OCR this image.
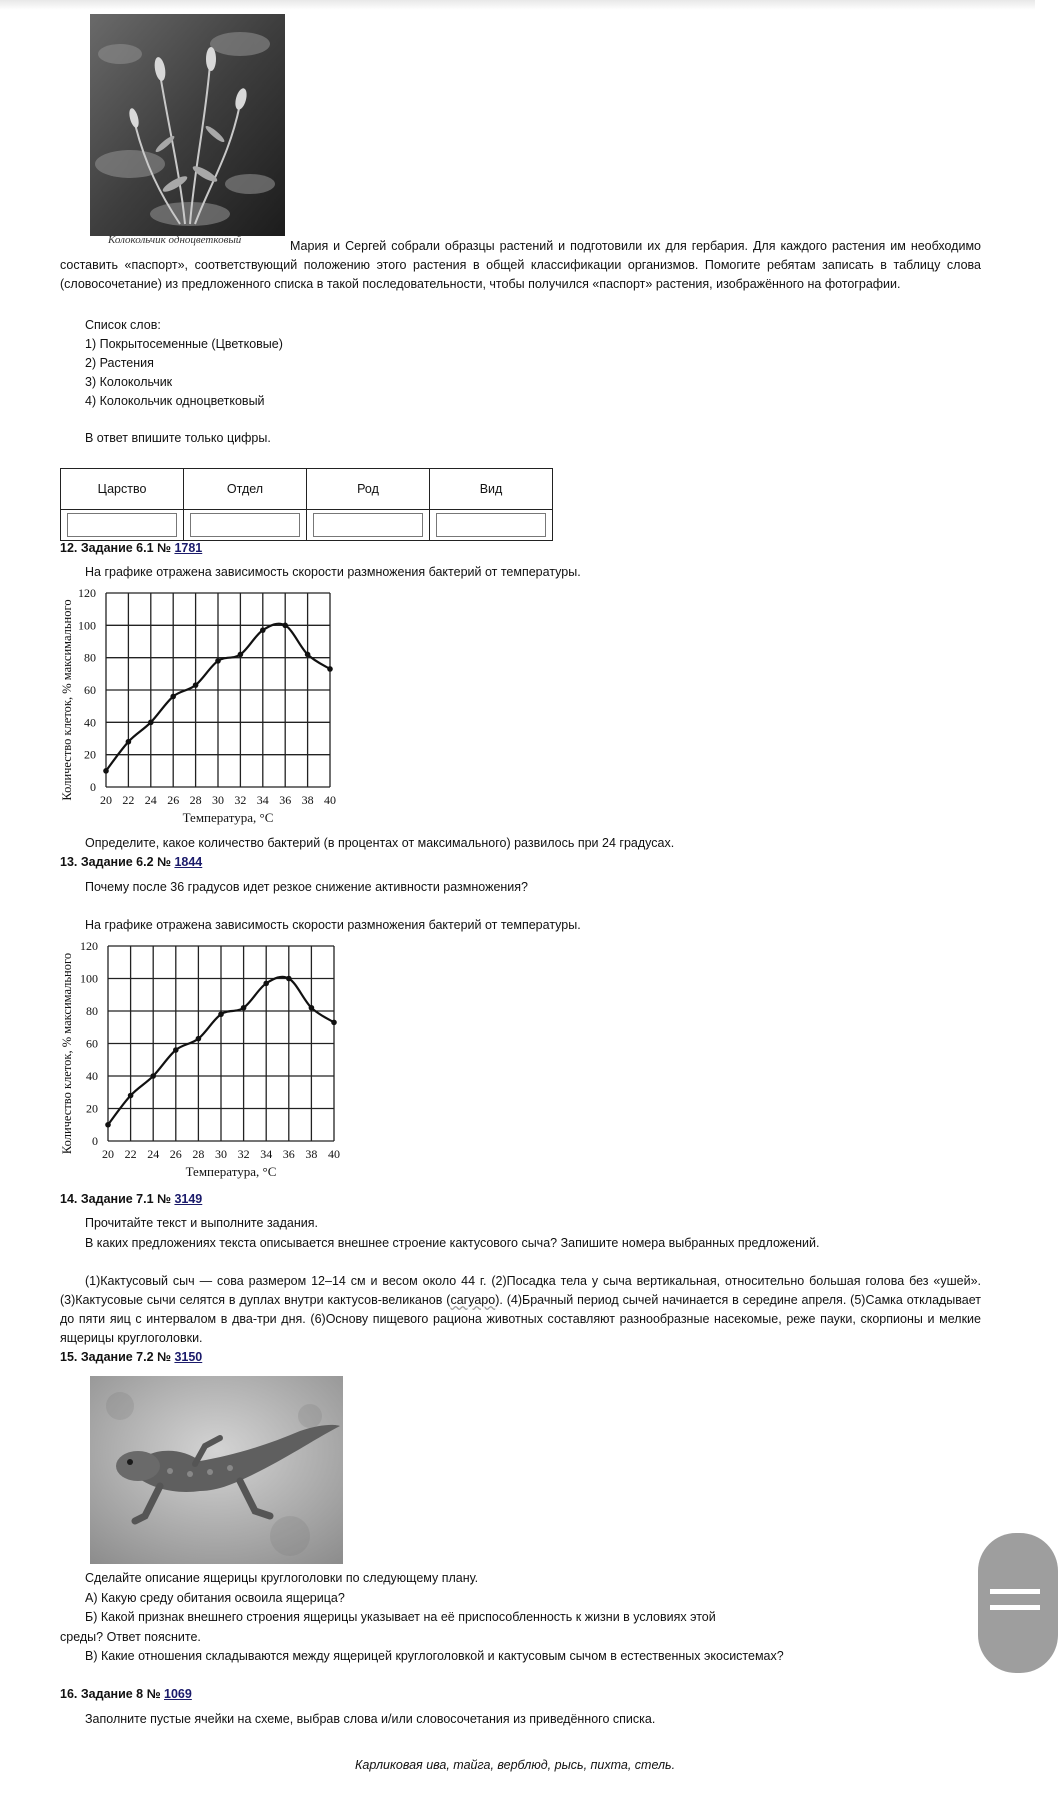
Колокольчик одноцветковый	Мария и Сергей собрали образцы растений и подготовили их для гербария. Для каждого растения им необходимо составить «паспорт», соответствующий положению этого растения в общей классификации организмов. Помогите ребятам записать в таблицу слова (словосочетание) из предложенного списка в такой последовательности, чтобы получился «паспорт» растения, изображённого на фотографии.
Список слов:
1) Покрытосеменные (Цветковые)
2) Растения
3) Колокольчик
4) Колокольчик одноцветковый
В ответ впишите только цифры.
Царство	Отдел	Род	Вид

12. Задание 6.1 № 1781
На графике отражена зависимость скорости размножения бактерий от температуры.
20 22 24 26 28 30 32 34 36 38 40
0
20
40
60
80
100
120
Температура, °C
Количество клеток, % максимального
Определите, какое количество бактерий (в процентах от максимального) развилось при 24 градусах.
13. Задание 6.2 № 1844
Почему после 36 градусов идет резкое снижение активности размножения?
На графике отражена зависимость скорости размножения бактерий от температуры.
20 22 24 26 28 30 32 34 36 38 40
0
20
40
60
80
100
120
Температура, °C
Количество клеток, % максимального
14. Задание 7.1 № 3149
Прочитайте текст и выполните задания.
В каких предложениях текста описывается внешнее строение кактусового сыча? Запишите номера выбранных предложений.
(1)Кактусовый сыч — сова размером 12–14 см и весом около 44 г. (2)Посадка тела у сыча вертикальная, относительно большая голова без «ушей». (3)Кактусовые сычи селятся в дуплах внутри кактусов-великанов (сагуаро). (4)Брачный период сычей начинается в середине апреля. (5)Самка откладывает до пяти яиц с интервалом в два-три дня. (6)Основу пищевого рациона животных составляют разнообразные насекомые, реже пауки, скорпионы и мелкие ящерицы круглоголовки.
15. Задание 7.2 № 3150
Сделайте описание ящерицы круглоголовки по следующему плану.
А) Какую среду обитания освоила ящерица?
Б) Какой признак внешнего строения ящерицы указывает на её приспособленность к жизни в условиях этой
среды? Ответ поясните.
В) Какие отношения складываются между ящерицей круглоголовкой и кактусовым сычом в естественных экосистемах?
16. Задание 8 № 1069
Заполните пустые ячейки на схеме, выбрав слова и/или словосочетания из приведённого списка.
Карликовая ива, тайга, верблюд, рысь, пихта, стель.
